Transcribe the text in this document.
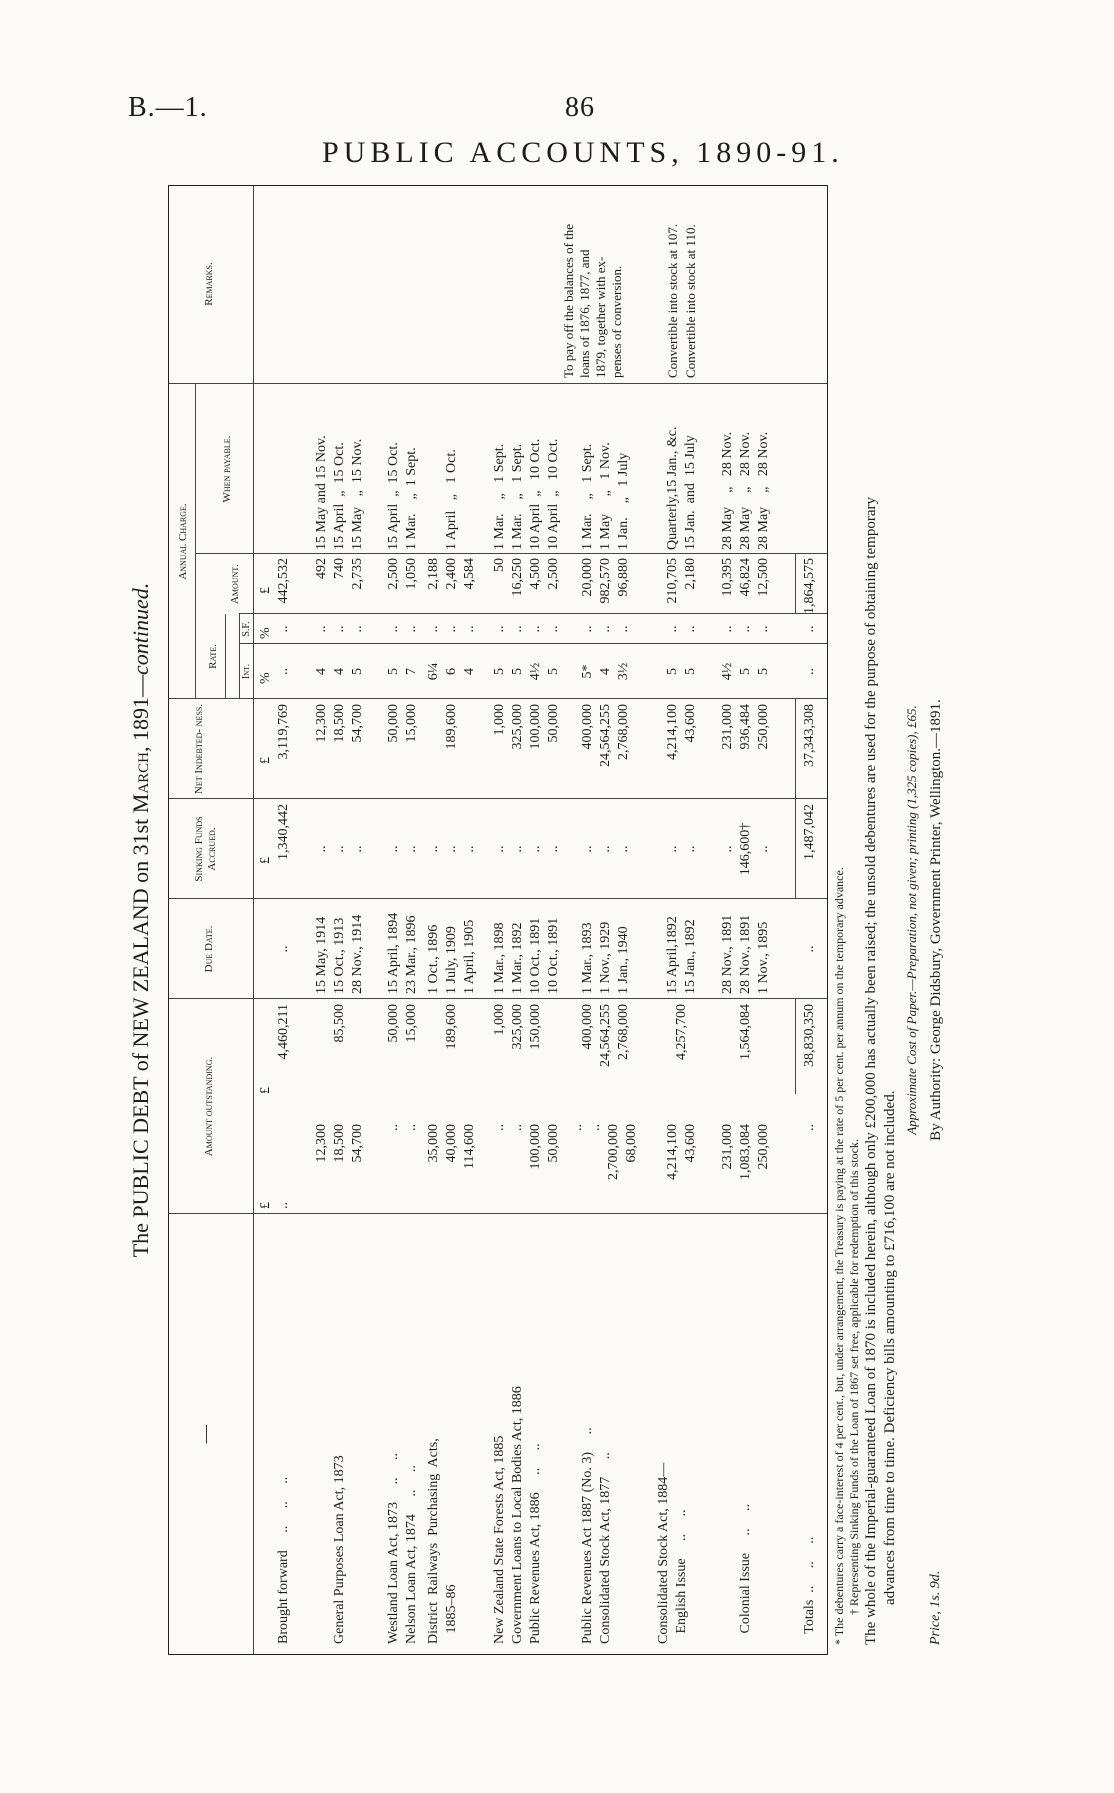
B.—1.	86
PUBLIC ACCOUNTS, 1890-91.
The PUBLIC DEBT of NEW ZEALAND on 31st March, 1891—continued.
—
Amount outstanding.
Due Date.
Sinking Funds Accrued.
Net Indebted- ness.
Annual Charge.
Rate.
Int.
S.F.
Amount.
When payable.
Remarks.
£
£
£
£
%
%
£
Brought forward     ..     ..     ..
..
4,460,211
..
1,340,442
3,119,769
..
..
442,532
General Purposes Loan Act, 1873
12,300
18,500
54,700
85,500
15 May, 1914
15 Oct., 1913
28 Nov., 1914
..
..
..
12,300
18,500
54,700
4
4
5
..
..
..
492
740
2,735
15 May and 15 Nov.
15 April  „  15 Oct.
15 May   „  15 Nov.
Westland Loan Act, 1873     ..     ..
Nelson Loan Act, 1874     ..     ..
..
..
50,000
15,000
15 April, 1894
23 Mar., 1896
..
..
50,000
15,000
5
7
..
..
2,500
1,050
15 April  „  15 Oct.
1 Mar.    „  1 Sept.
District  Railways  Purchasing  Acts,
1885–86
35,000
40,000
114,600
189,600
1 Oct., 1896
1 July, 1909
1 April, 1905
..
..
..
189,600
6¼
6
4
..
..
..
2,188
2,400
4,584
1 April   „   1 Oct.
New Zealand State Forests Act, 1885
Government Loans to Local Bodies Act, 1886
Public Revenues Act, 1886     ..     ..
..
..
100,000
50,000
1,000
325,000
150,000
1 Mar., 1898
1 Mar., 1892
10 Oct., 1891
10 Oct., 1891
..
..
..
..
1,000
325,000
100,000
50,000
5
5
4½
5
..
..
..
..
50
16,250
4,500
2,500
1 Mar.    „   1 Sept.
1 Mar.    „   1 Sept.
10 April  „   10 Oct.
10 April  „   10 Oct.
Public Revenues Act 1887 (No. 3)     ..
Consolidated Stock Act, 1877     ..
..
..
2,700,000
68,000
400,000
24,564,255
2,768,000
1 Mar., 1893
1 Nov., 1929
1 Jan., 1940
..
..
..
400,000
24,564,255
2,768,000
5*
4
3½
..
..
..
20,000
982,570
96,880
1 Mar.    „   1 Sept.
1 May     „   1 Nov.
1 Jan.    „   1 July
To pay off the balances of the
loans of 1876, 1877, and
1879, together with ex-
penses of conversion.
Consolidated Stock Act, 1884—
English Issue     ..     ..
4,214,100
43,600
4,257,700
15 April,1892
15 Jan., 1892
..
..
4,214,100
43,600
5
5
..
..
210,705
2,180
Quarterly,15 Jan., &c.
15 Jan.  and  15 July
Convertible into stock at 107.
Convertible into stock at 110.
Colonial Issue     ..     ..
231,000
1,083,084
250,000
1,564,084
28 Nov., 1891
28 Nov., 1891
1 Nov., 1895
..
146,600†
..
231,000
936,484
250,000
4½
5
5
..
..
..
10,395
46,824
12,500
28 May    „   28 Nov.
28 May    „   28 Nov.
28 May    „   28 Nov.
Totals  ..     ..     ..
..
38,830,350
..
1,487,042
37,343,308
..
..
1,864,575
* The debentures carry a face-interest of 4 per cent., but, under arrangement, the Treasury is paying at the rate of 5 per cent. per annum on the temporary advance. † Representing Sinking Funds of the Loan of 1867 set free, applicable for redemption of this stock. The whole of the Imperial-guaranteed Loan of 1870 is included herein, although only £200,000 has actually been raised; the unsold debentures are used for the purpose of obtaining temporary advances from time to time. Deficiency bills amounting to £716,100 are not included.
Approximate Cost of Paper.—Preparation, not given; printing (1,325 copies), £65.
Price, 1s. 9d.
By Authority: George Didsbury, Government Printer, Wellington.—1891.
